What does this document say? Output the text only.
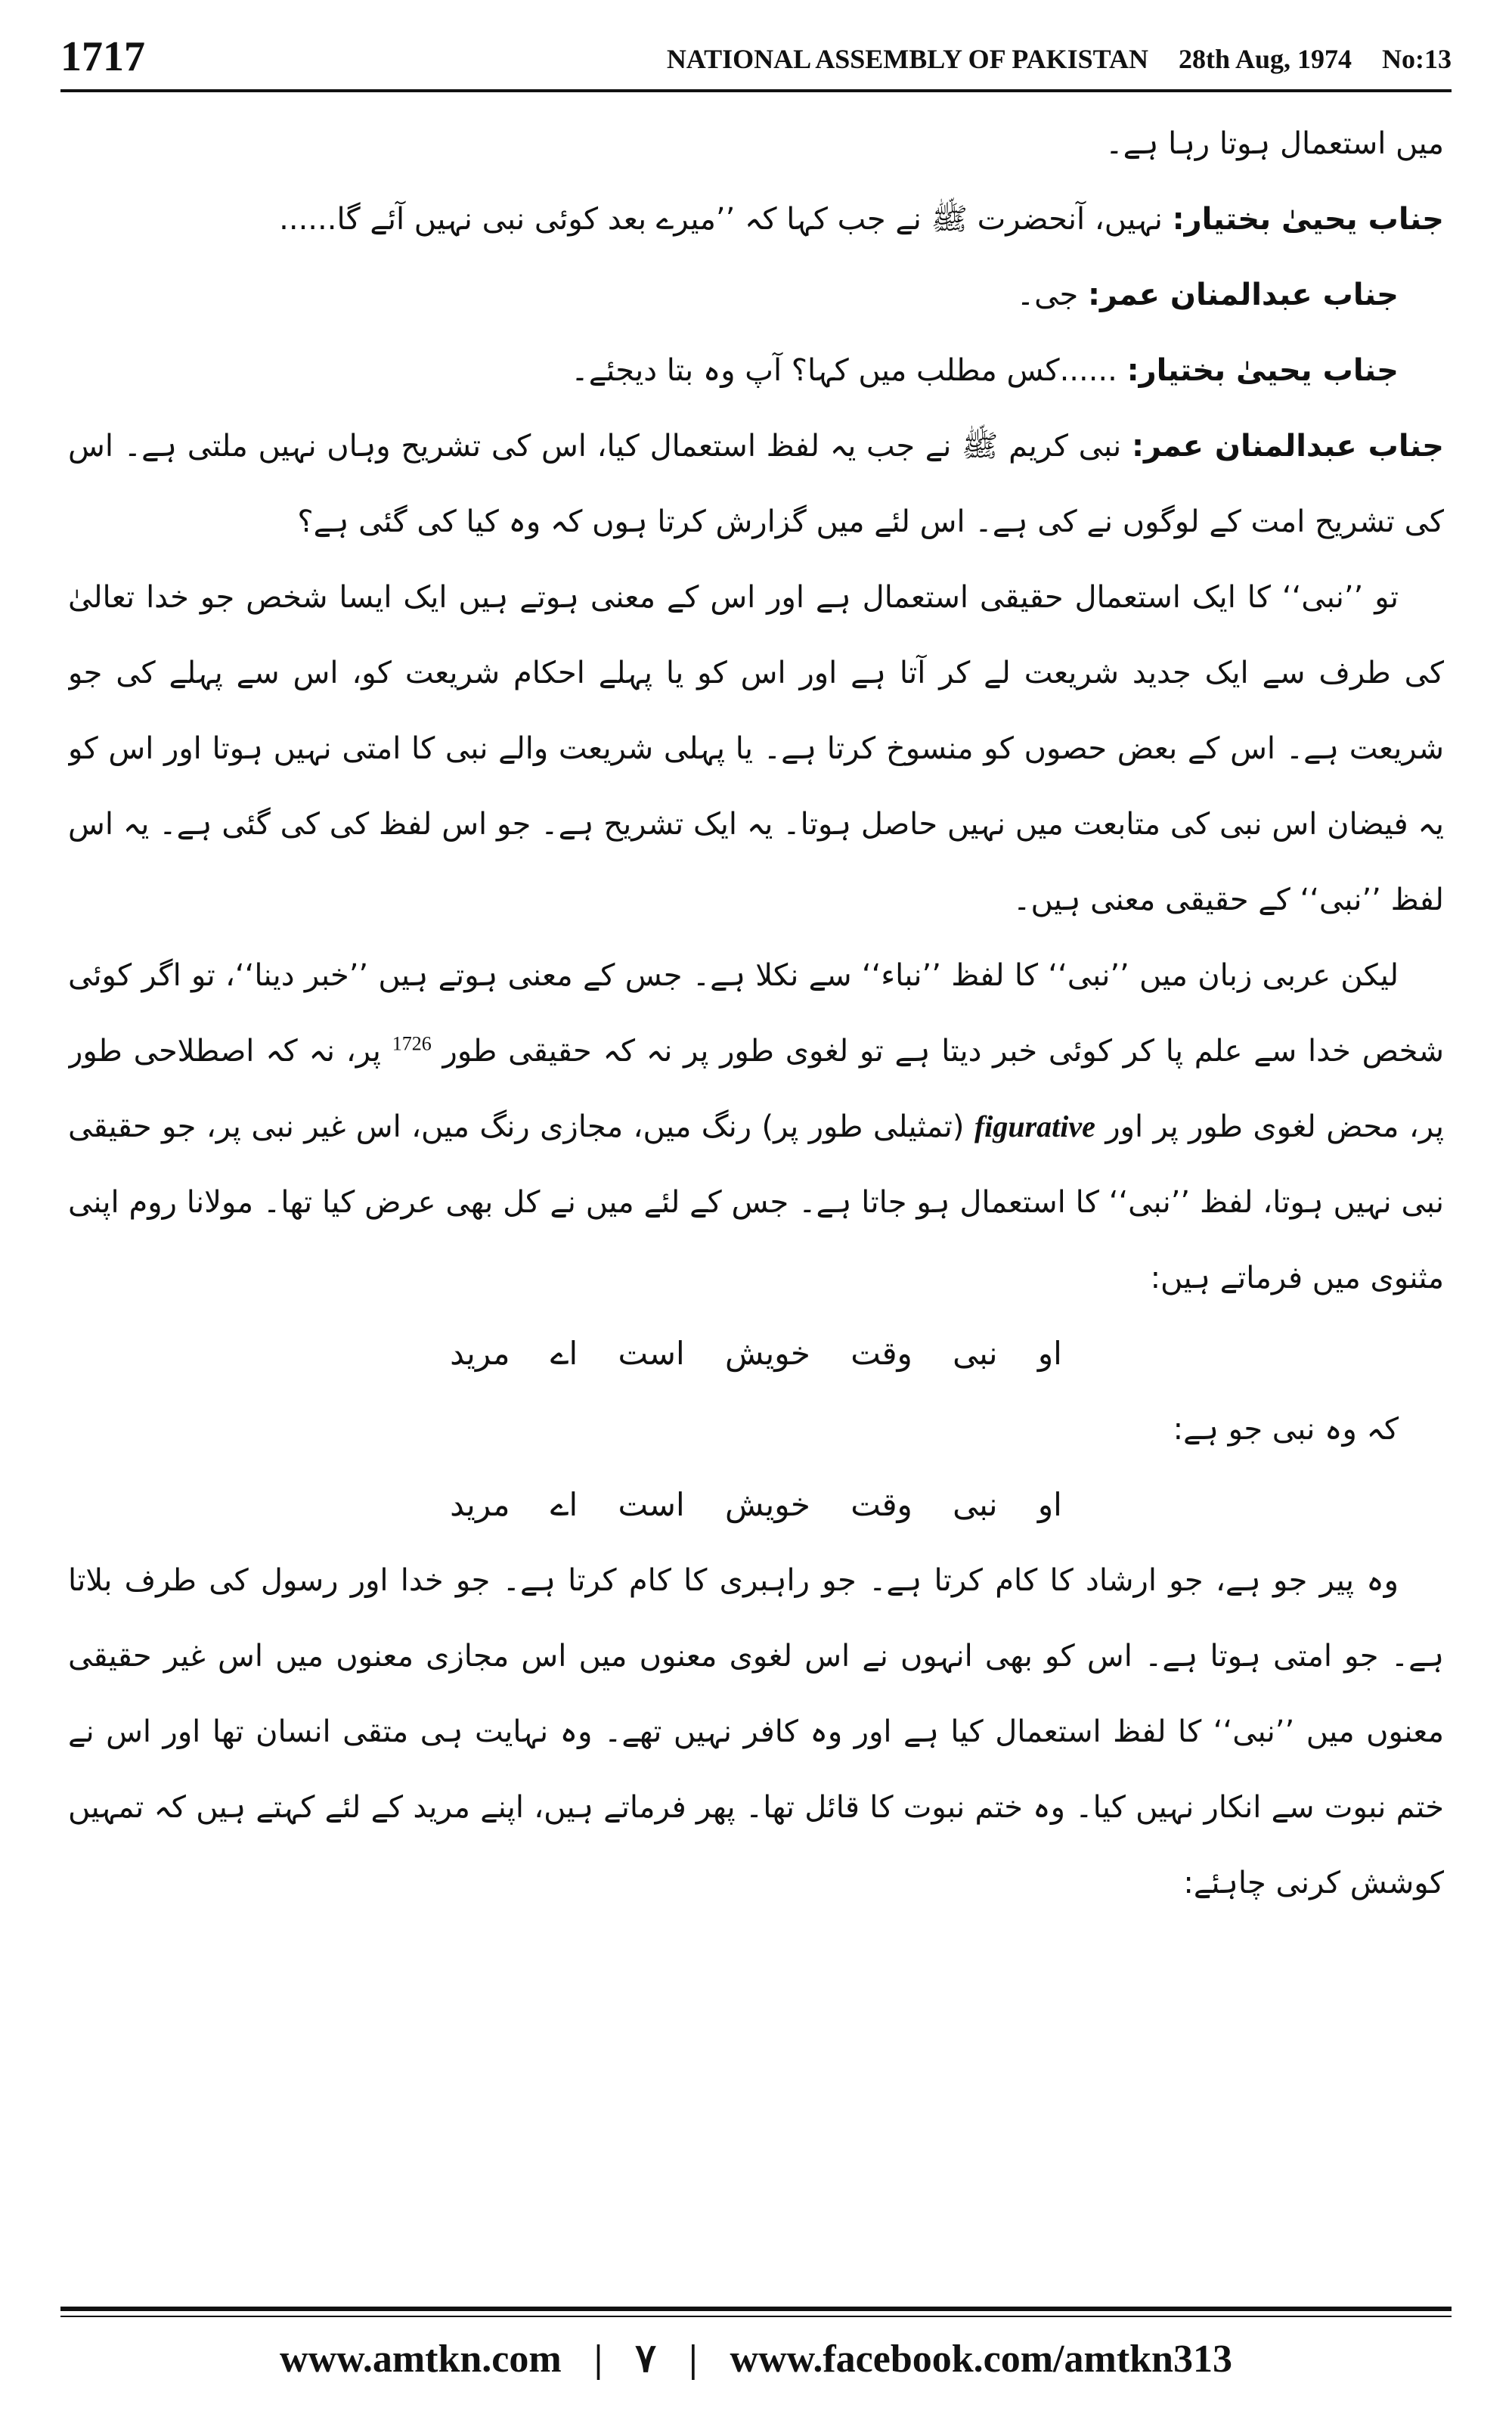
1717	NATIONAL ASSEMBLY OF PAKISTAN 28th Aug, 1974 No:13

میں استعمال ہوتا رہا ہے۔

جناب یحییٰ بختیار: نہیں، آنحضرت ﷺ نے جب کہا کہ ’’میرے بعد کوئی نبی نہیں آئے گا......

جناب عبدالمنان عمر: جی۔

جناب یحییٰ بختیار: ......کس مطلب میں کہا؟ آپ وہ بتا دیجئے۔

جناب عبدالمنان عمر: نبی کریم ﷺ نے جب یہ لفظ استعمال کیا، اس کی تشریح وہاں نہیں ملتی ہے۔ اس کی تشریح امت کے لوگوں نے کی ہے۔ اس لئے میں گزارش کرتا ہوں کہ وہ کیا کی گئی ہے؟

تو ’’نبی‘‘ کا ایک استعمال حقیقی استعمال ہے اور اس کے معنی ہوتے ہیں ایک ایسا شخص جو خدا تعالیٰ کی طرف سے ایک جدید شریعت لے کر آتا ہے اور اس کو یا پہلے احکام شریعت کو، اس سے پہلے کی جو شریعت ہے۔ اس کے بعض حصوں کو منسوخ کرتا ہے۔ یا پہلی شریعت والے نبی کا امتی نہیں ہوتا اور اس کو یہ فیضان اس نبی کی متابعت میں نہیں حاصل ہوتا۔ یہ ایک تشریح ہے۔ جو اس لفظ کی کی گئی ہے۔ یہ اس لفظ ’’نبی‘‘ کے حقیقی معنی ہیں۔

لیکن عربی زبان میں ’’نبی‘‘ کا لفظ ’’نباء‘‘ سے نکلا ہے۔ جس کے معنی ہوتے ہیں ’’خبر دینا‘‘، تو اگر کوئی شخص خدا سے علم پا کر کوئی خبر دیتا ہے تو لغوی طور پر نہ کہ حقیقی طور $^{1726}$ پر، نہ کہ اصطلاحی طور پر، محض لغوی طور پر اور figurative (تمثیلی طور پر) رنگ میں، مجازی رنگ میں، اس غیر نبی پر، جو حقیقی نبی نہیں ہوتا، لفظ ’’نبی‘‘ کا استعمال ہو جاتا ہے۔ جس کے لئے میں نے کل بھی عرض کیا تھا۔ مولانا روم اپنی مثنوی میں فرماتے ہیں:

او نبی وقت خویش است اے مرید

کہ وہ نبی جو ہے:

او نبی وقت خویش است اے مرید

وہ پیر جو ہے، جو ارشاد کا کام کرتا ہے۔ جو راہبری کا کام کرتا ہے۔ جو خدا اور رسول کی طرف بلاتا ہے۔ جو امتی ہوتا ہے۔ اس کو بھی انہوں نے اس لغوی معنوں میں اس مجازی معنوں میں اس غیر حقیقی معنوں میں ’’نبی‘‘ کا لفظ استعمال کیا ہے اور وہ کافر نہیں تھے۔ وہ نہایت ہی متقی انسان تھا اور اس نے ختم نبوت سے انکار نہیں کیا۔ وہ ختم نبوت کا قائل تھا۔ پھر فرماتے ہیں، اپنے مرید کے لئے کہتے ہیں کہ تمہیں کوشش کرنی چاہئے:

www.amtkn.com | ۷ | www.facebook.com/amtkn313
